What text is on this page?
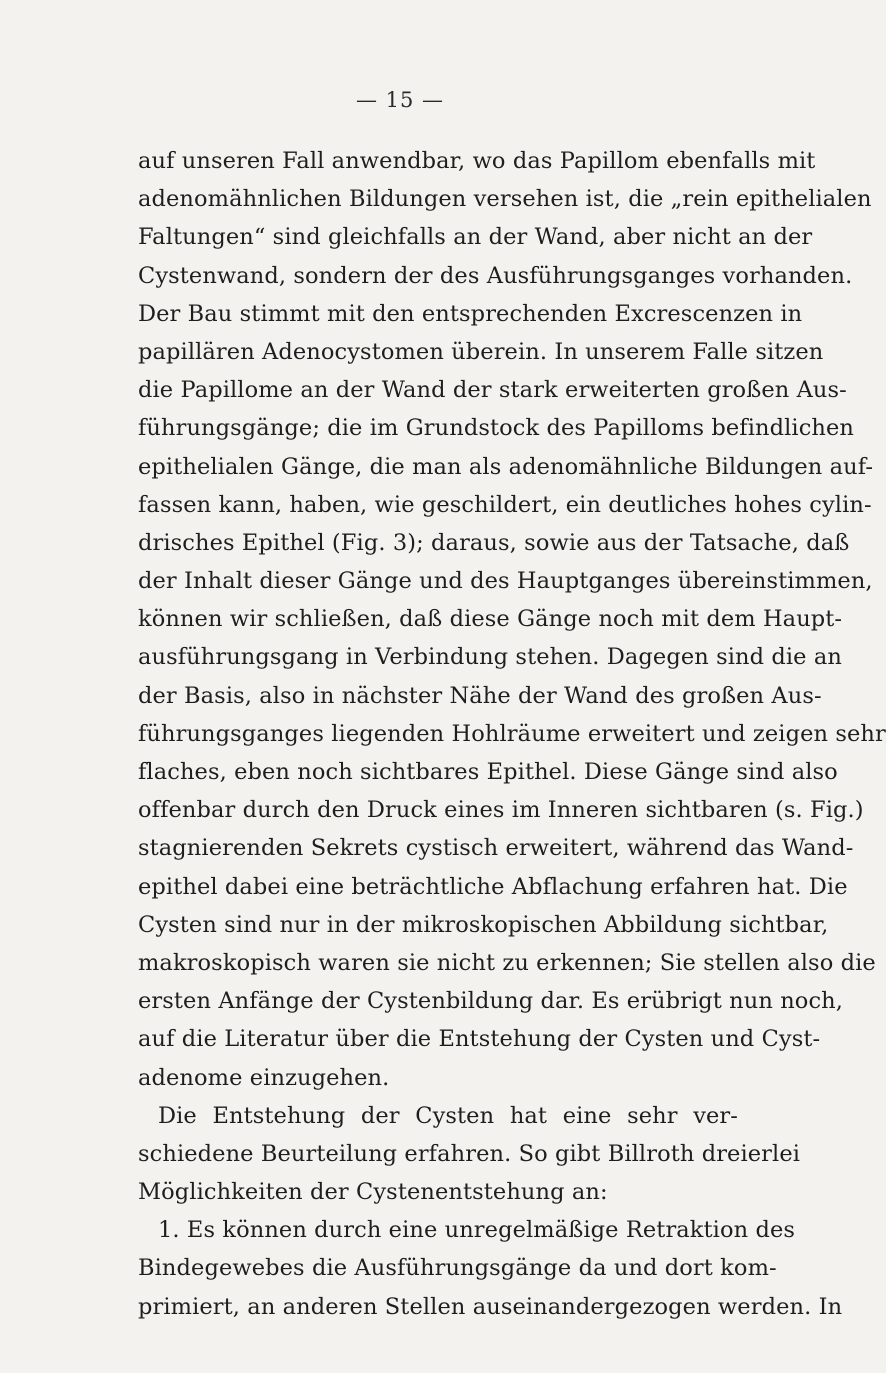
— 15 —
auf unseren Fall anwendbar, wo das Papillom ebenfalls mit
adenomähnlichen Bildungen versehen ist, die „rein epithelialen
Faltungen“ sind gleichfalls an der Wand, aber nicht an der
Cystenwand, sondern der des Ausführungsganges vorhanden.
Der Bau stimmt mit den entsprechenden Excrescenzen in
papillären Adenocystomen überein. In unserem Falle sitzen
die Papillome an der Wand der stark erweiterten großen Aus-
führungsgänge; die im Grundstock des Papilloms befindlichen
epithelialen Gänge, die man als adenomähnliche Bildungen auf-
fassen kann, haben, wie geschildert, ein deutliches hohes cylin-
drisches Epithel (Fig. 3); daraus, sowie aus der Tatsache, daß
der Inhalt dieser Gänge und des Hauptganges übereinstimmen,
können wir schließen, daß diese Gänge noch mit dem Haupt-
ausführungsgang in Verbindung stehen. Dagegen sind die an
der Basis, also in nächster Nähe der Wand des großen Aus-
führungsganges liegenden Hohlräume erweitert und zeigen sehr
flaches, eben noch sichtbares Epithel. Diese Gänge sind also
offenbar durch den Druck eines im Inneren sichtbaren (s. Fig.)
stagnierenden Sekrets cystisch erweitert, während das Wand-
epithel dabei eine beträchtliche Abflachung erfahren hat. Die
Cysten sind nur in der mikroskopischen Abbildung sichtbar,
makroskopisch waren sie nicht zu erkennen; Sie stellen also die
ersten Anfänge der Cystenbildung dar. Es erübrigt nun noch,
auf die Literatur über die Entstehung der Cysten und Cyst-
adenome einzugehen.
Die Entstehung der Cysten hat eine sehr ver-
schiedene Beurteilung erfahren. So gibt Billroth dreierlei
Möglichkeiten der Cystenentstehung an:
1. Es können durch eine unregelmäßige Retraktion des
Bindegewebes die Ausführungsgänge da und dort kom-
primiert, an anderen Stellen auseinandergezogen werden. In
